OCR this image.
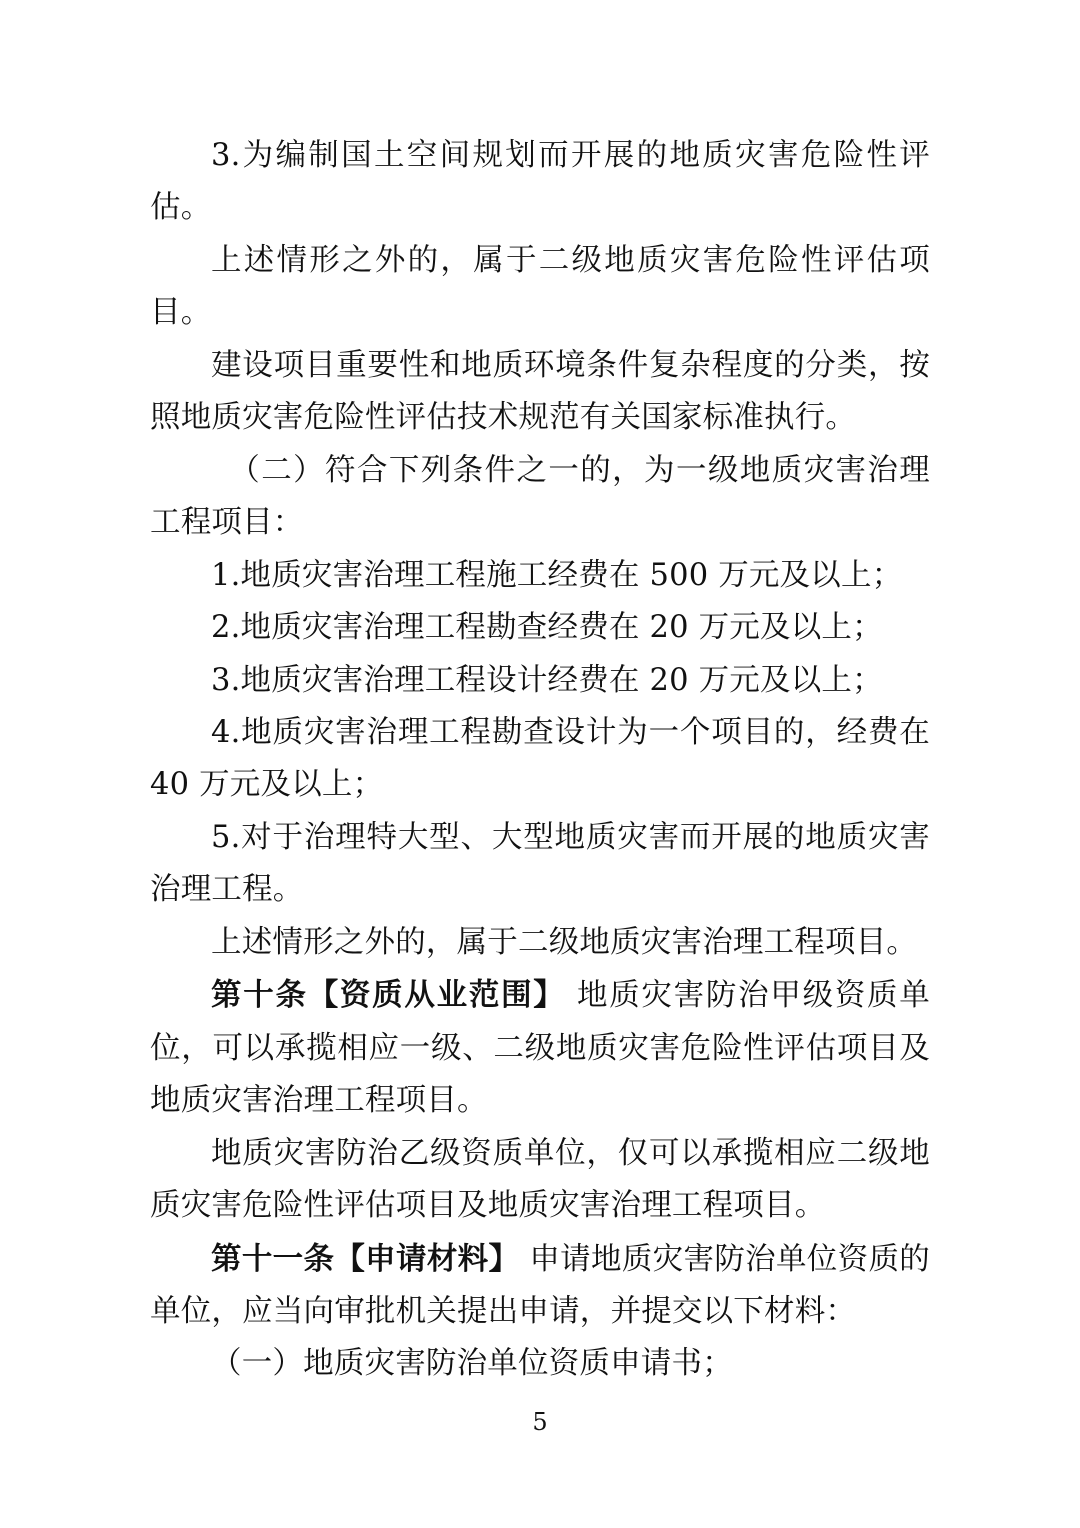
3.为编制国土空间规划而开展的地质灾害危险性评估。

上述情形之外的，属于二级地质灾害危险性评估项目。

建设项目重要性和地质环境条件复杂程度的分类，按照地质灾害危险性评估技术规范有关国家标准执行。

（二）符合下列条件之一的，为一级地质灾害治理工程项目：

1.地质灾害治理工程施工经费在 500 万元及以上；

2.地质灾害治理工程勘查经费在 20 万元及以上；

3.地质灾害治理工程设计经费在 20 万元及以上；

4.地质灾害治理工程勘查设计为一个项目的，经费在 40 万元及以上；

5.对于治理特大型、大型地质灾害而开展的地质灾害治理工程。

上述情形之外的，属于二级地质灾害治理工程项目。

第十条【资质从业范围】 地质灾害防治甲级资质单位，可以承揽相应一级、二级地质灾害危险性评估项目及地质灾害治理工程项目。

地质灾害防治乙级资质单位，仅可以承揽相应二级地质灾害危险性评估项目及地质灾害治理工程项目。

第十一条【申请材料】 申请地质灾害防治单位资质的单位，应当向审批机关提出申请，并提交以下材料：

（一）地质灾害防治单位资质申请书；

5
